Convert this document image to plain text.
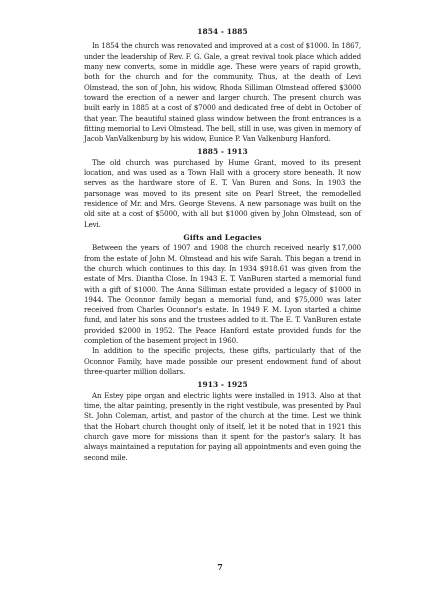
1854 - 1885

In 1854 the church was renovated and improved at a cost of $1000. In 1867, under the leadership of Rev. F. G. Gale, a great revival took place which added many new converts, some in middle age. These were years of rapid growth, both for the church and for the community. Thus, at the death of Levi Olmstead, the son of John, his widow, Rhoda Silliman Olmstead offered $3000 toward the erection of a newer and larger church. The present church was built early in 1885 at a cost of $7000 and dedicated free of debt in October of that year. The beautiful stained glass window between the front entrances is a fitting memorial to Levi Olmstead. The bell, still in use, was given in memory of Jacob VanValkenburg by his widow, Eunice P. Van Valkenburg Hanford.

1885 - 1913

The old church was purchased by Hume Grant, moved to its present location, and was used as a Town Hall with a grocery store beneath. It now serves as the hardware store of E. T. Van Buren and Sons. In 1903 the parsonage was moved to its present site on Pearl Street, the remodelled residence of Mr. and Mrs. George Stevens. A new parsonage was built on the old site at a cost of $5000, with all but $1000 given by John Olmstead, son of Levi.

Gifts and Legacies

Between the years of 1907 and 1908 the church received nearly $17,000 from the estate of John M. Olmstead and his wife Sarah. This began a trend in the church which continues to this day. In 1934 $918.61 was given from the estate of Mrs. Diantha Close. In 1943 E. T. VanBuren started a memorial fund with a gift of $1000. The Anna Silliman estate provided a legacy of $1000 in 1944. The Oconnor family began a memorial fund, and $75,000 was later received from Charles Oconnor's estate. In 1949 F. M. Lyon started a chime fund, and later his sons and the trustees added to it. The E. T. VanBuren estate provided $2000 in 1952. The Peace Hanford estate provided funds for the completion of the basement project in 1960.

In addition to the specific projects, these gifts, particularly that of the Oconnor Family, have made possible our present endowment fund of about three-quarter million dollars.

1913 - 1925

An Estey pipe organ and electric lights were installed in 1913. Also at that time, the altar painting, presently in the right vestibule, was presented by Paul St. John Coleman, artist, and pastor of the church at the time. Lest we think that the Hobart church thought only of itself, let it be noted that in 1921 this church gave more for missions than it spent for the pastor's salary. It has always maintained a reputation for paying all appointments and even going the second mile.

7
